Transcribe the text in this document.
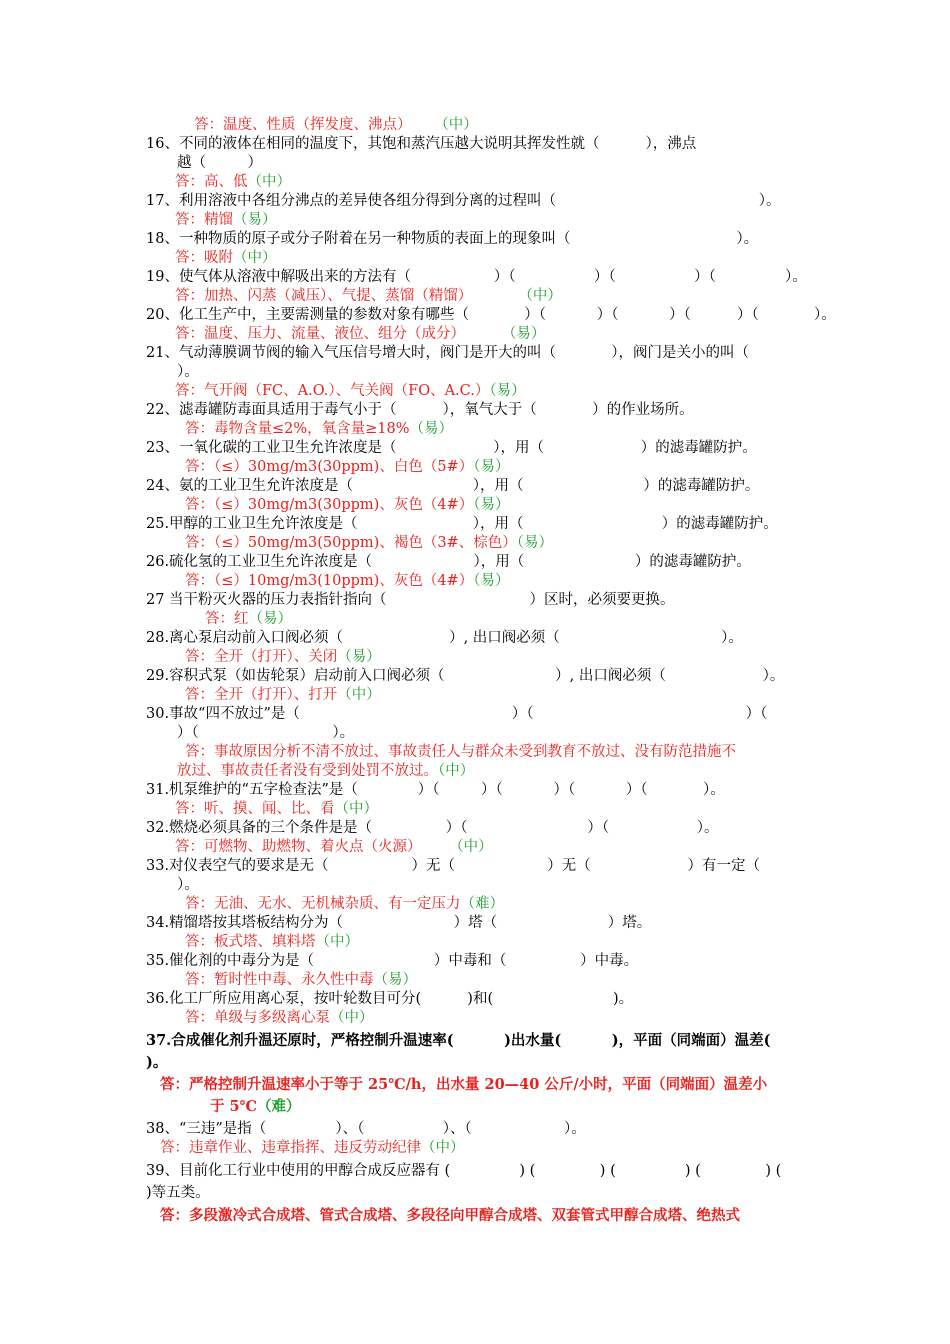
答：温度、性质（挥发度、沸点） （中）
16、不同的液体在相同的温度下，其饱和蒸汽压越大说明其挥发性就（          ），沸点
越（         ）
答：高、低（中）
17、利用溶液中各组分沸点的差异使各组分得到分离的过程叫（                                            ）。
答：精馏（易）
18、一种物质的原子或分子附着在另一种物质的表面上的现象叫（                                    ）。
答：吸附（中）
19、使气体从溶液中解吸出来的方法有（                  ）（                 ）（                 ）（               ）。
答：加热、闪蒸（减压）、气提、蒸馏（精馏）          （中）
20、化工生产中，主要需测量的参数对象有哪些（            ）（           ）（           ）（          ）（            ）。
答：温度、压力、流量、液位、组分（成分）        （易）
21、气动薄膜调节阀的输入气压信号增大时，阀门是开大的叫（            ），阀门是关小的叫（
）。
答：气开阀（FC、A.O.）、气关阀（FO、A.C.）（易）
22、滤毒罐防毒面具适用于毒气小于（          ），氧气大于（            ）的作业场所。
答：毒物含量≤2%，氧含量≥18%（易）
23、一氧化碳的工业卫生允许浓度是（                     ），用（                     ）的滤毒罐防护。
答：（≤）30mg/m3(30ppm)、白色（5#）（易）
24、氨的工业卫生允许浓度是（                          ），用（                          ）的滤毒罐防护。
答：（≤）30mg/m3(30ppm)、灰色（4#）（易）
25.甲醇的工业卫生允许浓度是（                         ），用（                              ）的滤毒罐防护。
答：（≤）50mg/m3(50ppm)、褐色（3#、棕色）（易）
26.硫化氢的工业卫生允许浓度是（                      ），用（                        ）的滤毒罐防护。
答：（≤）10mg/m3(10ppm)、灰色（4#）（易）
27 当干粉灭火器的压力表指针指向（                               ）区时，必须要更换。
答：红（易）
28.离心泵启动前入口阀必须（                       ）, 出口阀必须（                                   ）。
答：全开（打开）、关闭（易）
29.容积式泵（如齿轮泵）启动前入口阀必须（                        ）, 出口阀必须（                     ）。
答：全开（打开）、打开（中）
30.事故“四不放过”是（                                              ）（                                              ）（
）（                             ）。
答：事故原因分析不清不放过、事故责任人与群众未受到教育不放过、没有防范措施不
放过、事故责任者没有受到处罚不放过。（中）
31.机泵维护的“五字检查法”是（             ）（         ）（           ）（           ）（            ）。
答：听、摸、闻、比、看（中）
32.燃烧必须具备的三个条件是是（                ）（                          ）（                   ）。
答：可燃物、助燃物、着火点（火源）      （中）
33.对仪表空气的要求是无（                  ）无（                    ）无（                     ）有一定（
）。
答：无油、无水、无机械杂质、有一定压力（难）
34.精馏塔按其塔板结构分为（                        ）塔（                        ）塔。
答：板式塔、填料塔（中）
35.催化剂的中毒分为是（                          ）中毒和（                ）中毒。
答：暂时性中毒、永久性中毒（易）
36.化工厂所应用离心泵，按叶轮数目可分(          )和(                          )。
答：单级与多级离心泵（中）
37.合成催化剂升温还原时，严格控制升温速率(          )出水量(          )，平面（同端面）温差(
)。
答：严格控制升温速率小于等于 25℃/h，出水量 20—40 公斤/小时，平面（同端面）温差小
于 5℃（难）
38、“三违”是指（               ）、（                 ）、（                    ）。
答：违章作业、违章指挥、违反劳动纪律（中）
39、目前化工行业中使用的甲醇合成反应器有 (               ) (              ) (               ) (              ) (
)等五类。
答：多段激冷式合成塔、管式合成塔、多段径向甲醇合成塔、双套管式甲醇合成塔、绝热式
